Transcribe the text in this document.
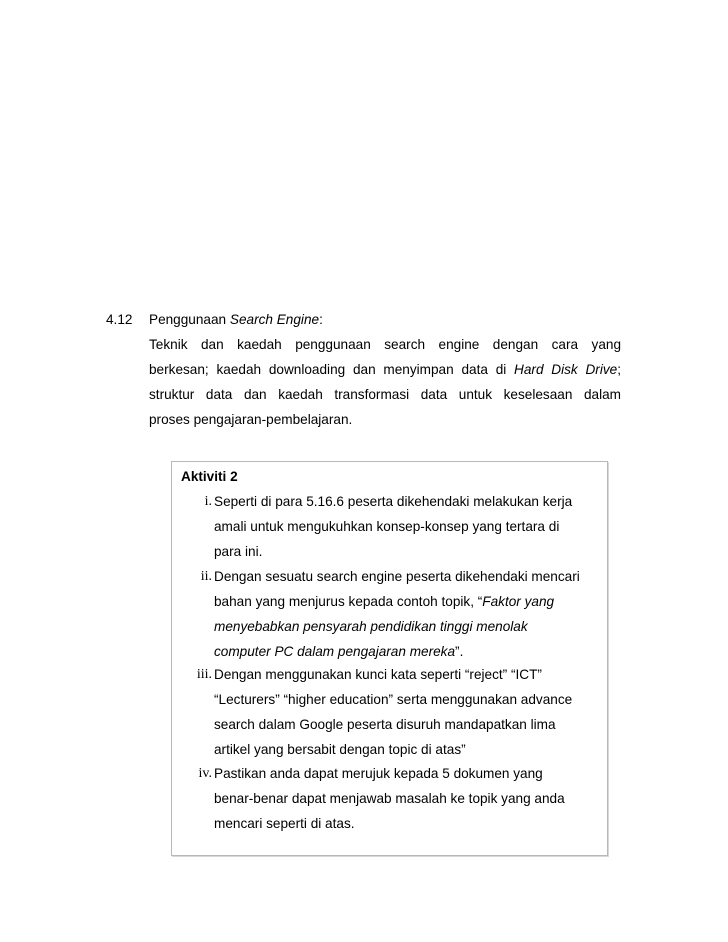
4.12	Penggunaan Search Engine:
Teknik dan kaedah penggunaan search engine dengan cara yang
berkesan; kaedah downloading dan menyimpan data di Hard Disk Drive;
struktur data dan kaedah transformasi data untuk keselesaan dalam
proses pengajaran-pembelajaran.
Aktiviti 2
i. Seperti di para 5.16.6 peserta dikehendaki melakukan kerja
amali untuk mengukuhkan konsep-konsep yang tertara di
para ini.
ii. Dengan sesuatu search engine peserta dikehendaki mencari
bahan yang menjurus kepada contoh topik, “Faktor yang
menyebabkan pensyarah pendidikan tinggi menolak
computer PC dalam pengajaran mereka”.
iii. Dengan menggunakan kunci kata seperti “reject” “ICT”
“Lecturers” “higher education” serta menggunakan advance
search dalam Google peserta disuruh mandapatkan lima
artikel yang bersabit dengan topic di atas”
iv. Pastikan anda dapat merujuk kepada 5 dokumen yang
benar-benar dapat menjawab masalah ke topik yang anda
mencari seperti di atas.
